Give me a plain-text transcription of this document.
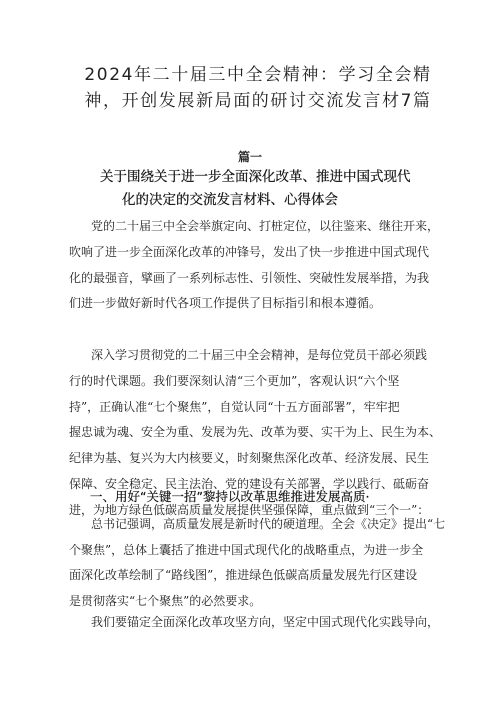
2024年二十届三中全会精神：学习全会精
神，开创发展新局面的研讨交流发言材7篇
篇一
关于围绕关于进一步全面深化改革、推进中国式现代
化的决定的交流发言材料、心得体会

党的二十届三中全会举旗定向、打桩定位，以往鉴来、继往开来，
吹响了进一步全面深化改革的冲锋号，发出了快一步推进中国式现代
化的最强音，擘画了一系列标志性、引领性、突破性发展举措，为我
们进一步做好新时代各项工作提供了目标指引和根本遵循。

深入学习贯彻党的二十届三中全会精神，是每位党员干部必须践
行的时代课题。我们要深刻认清“三个更加”，客观认识“六个坚
持”，正确认准“七个聚焦”，自觉认同“十五方面部署”，牢牢把
握忠诚为魂、安全为重、发展为先、改革为要、实干为上、民生为本、
纪律为基、复兴为大内核要义，时刻聚焦深化改革、经济发展、民生
保障、安全稳定、民主法治、党的建设有关部署，学以践行、砥砺奋
进，为地方绿色低碳高质量发展提供坚强保障，重点做到“三个一”：

一、用好“关键一招”黎持以改革思维推进发展高质·

总书记强调，高质量发展是新时代的硬道理。全会《决定》提出“七
个聚焦”，总体上囊括了推进中国式现代化的战略重点，为进一步全
面深化改革绘制了“路线图”，推进绿色低碳高质量发展先行区建设
是贯彻落实“七个聚焦”的必然要求。

我们要锚定全面深化改革攻坚方向，坚定中国式现代化实践导向，
